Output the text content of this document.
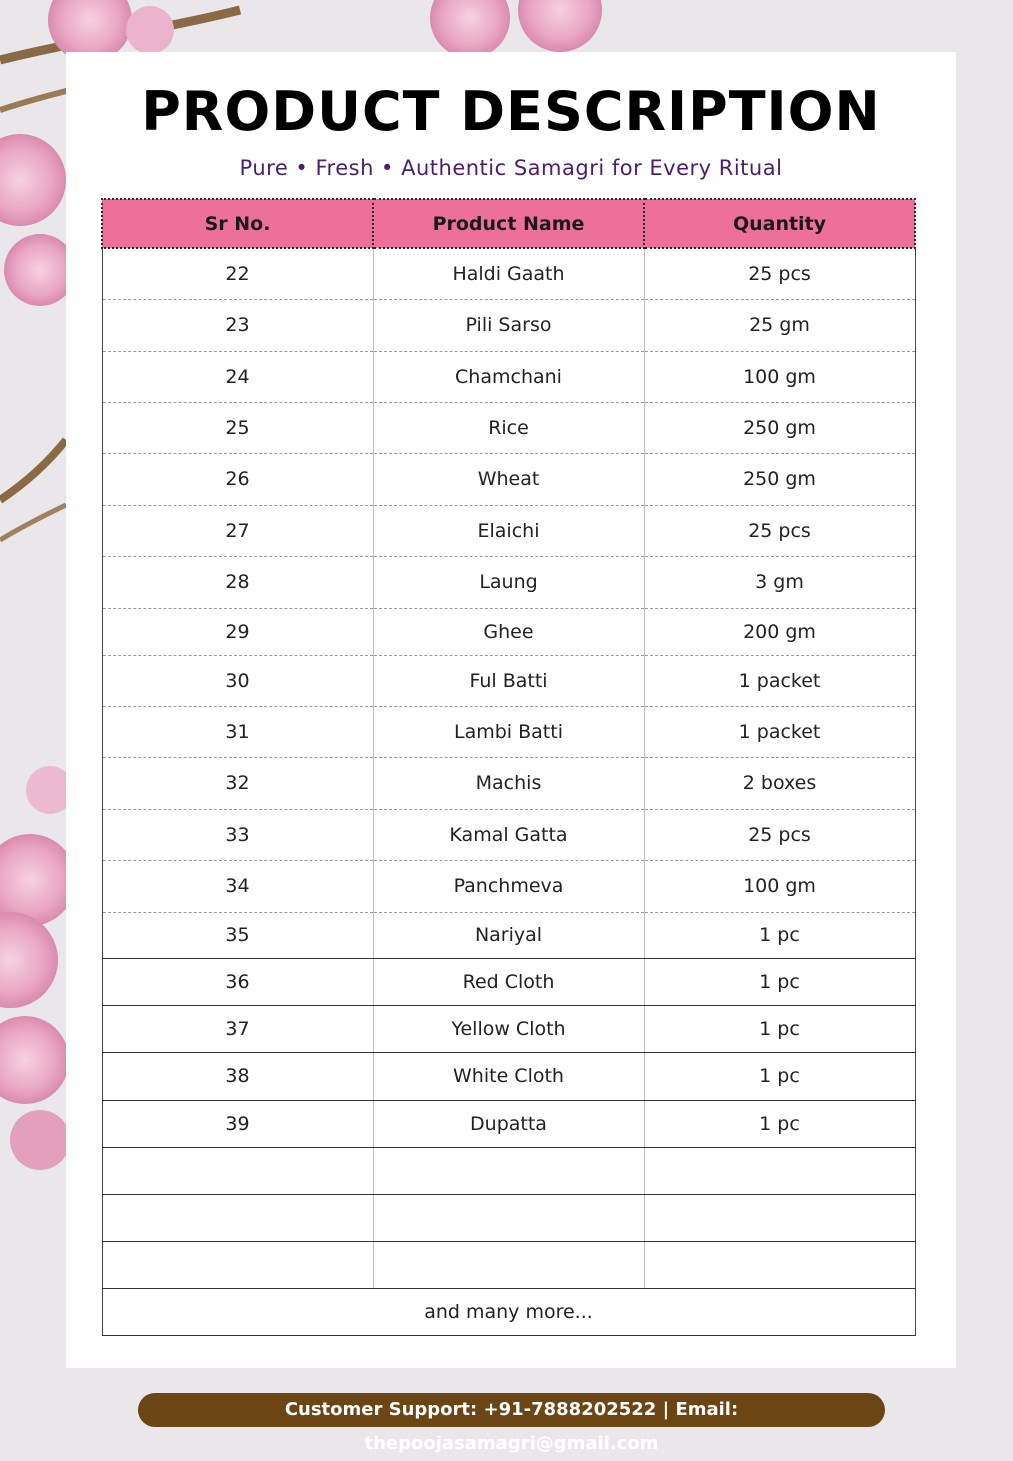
PRODUCT DESCRIPTION
Pure • Fresh • Authentic Samagri for Every Ritual
Sr No.	Product Name	Quantity
22	Haldi Gaath	25 pcs
23	Pili Sarso	25 gm
24	Chamchani	100 gm
25	Rice	250 gm
26	Wheat	250 gm
27	Elaichi	25 pcs
28	Laung	3 gm
29	Ghee	200 gm
30	Ful Batti	1 packet
31	Lambi Batti	1 packet
32	Machis	2 boxes
33	Kamal Gatta	25 pcs
34	Panchmeva	100 gm
35	Nariyal	1 pc
36	Red Cloth	1 pc
37	Yellow Cloth	1 pc
38	White Cloth	1 pc
39	Dupatta	1 pc

and many more...		
Customer Support: +91-7888202522 | Email: thepoojasamagri@gmail.com
